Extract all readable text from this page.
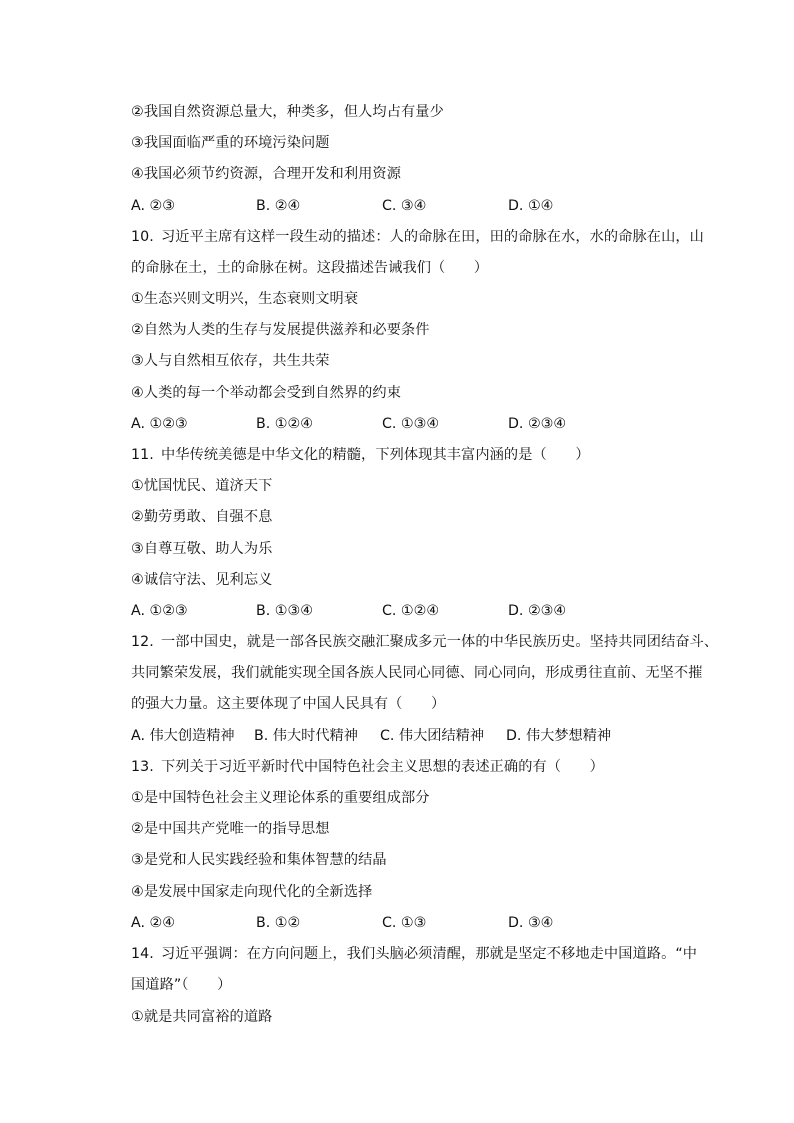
②我国自然资源总量大，种类多，但人均占有量少
③我国面临严重的环境污染问题
④我国必须节约资源，合理开发和利用资源
A. ②③	B. ②④	C. ③④	D. ①④
10. 习近平主席有这样一段生动的描述：人的命脉在田，田的命脉在水，水的命脉在山，山
的命脉在土，土的命脉在树。这段描述告诫我们（　　）
①生态兴则文明兴，生态衰则文明衰
②自然为人类的生存与发展提供滋养和必要条件
③人与自然相互依存，共生共荣
④人类的每一个举动都会受到自然界的约束
A. ①②③	B. ①②④	C. ①③④	D. ②③④
11. 中华传统美德是中华文化的精髓，下列体现其丰富内涵的是（　　）
①忧国忧民、道济天下
②勤劳勇敢、自强不息
③自尊互敬、助人为乐
④诚信守法、见利忘义
A. ①②③	B. ①③④	C. ①②④	D. ②③④
12. 一部中国史，就是一部各民族交融汇聚成多元一体的中华民族历史。坚持共同团结奋斗、
共同繁荣发展，我们就能实现全国各族人民同心同德、同心同向，形成勇往直前、无坚不摧
的强大力量。这主要体现了中国人民具有（　　）
A. 伟大创造精神 B. 伟大时代精神 C. 伟大团结精神 D. 伟大梦想精神
13. 下列关于习近平新时代中国特色社会主义思想的表述正确的有（　　）
①是中国特色社会主义理论体系的重要组成部分
②是中国共产党唯一的指导思想
③是党和人民实践经验和集体智慧的结晶
④是发展中国家走向现代化的全新选择
A. ②④	B. ①②	C. ①③	D. ③④
14. 习近平强调：在方向问题上，我们头脑必须清醒，那就是坚定不移地走中国道路。“中
国道路”（　　）
①就是共同富裕的道路
